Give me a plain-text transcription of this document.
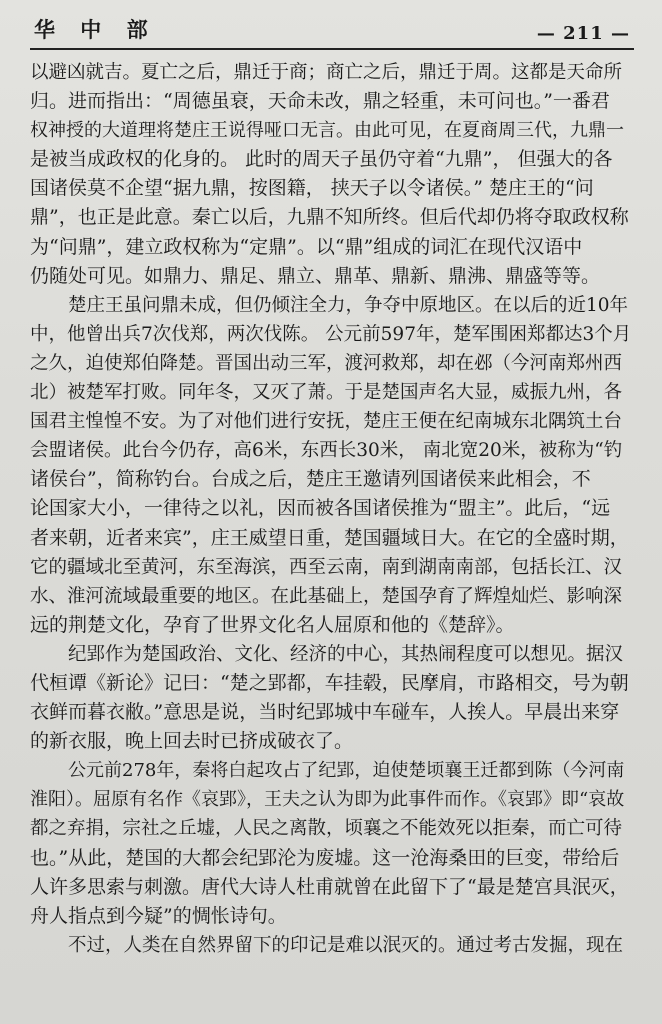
华 中 部	— 211 —
以避凶就吉。夏亡之后，鼎迁于商；商亡之后，鼎迁于周。这都是天命所
归。进而指出：“周德虽衰，天命未改，鼎之轻重，未可问也。”一番君
权神授的大道理将楚庄王说得哑口无言。由此可见，在夏商周三代，九鼎一
是被当成政权的化身的。 此时的周天子虽仍守着“九鼎”， 但强大的各
国诸侯莫不企望“据九鼎，按图籍， 挟天子以令诸侯。” 楚庄王的“问
鼎”，也正是此意。秦亡以后，九鼎不知所终。但后代却仍将夺取政权称
为“问鼎”，建立政权称为“定鼎”。以“鼎”组成的词汇在现代汉语中
仍随处可见。如鼎力、鼎足、鼎立、鼎革、鼎新、鼎沸、鼎盛等等。
楚庄王虽问鼎未成，但仍倾注全力，争夺中原地区。在以后的近10年
中，他曾出兵7次伐郑，两次伐陈。 公元前597年，楚军围困郑都达3个月
之久，迫使郑伯降楚。晋国出动三军，渡河救郑，却在邲（今河南郑州西
北）被楚军打败。同年冬，又灭了萧。于是楚国声名大显，威振九州，各
国君主惶惶不安。为了对他们进行安抚，楚庄王便在纪南城东北隅筑土台
会盟诸侯。此台今仍存，高6米，东西长30米， 南北宽20米，被称为“钓
诸侯台”，简称钓台。台成之后，楚庄王邀请列国诸侯来此相会，不
论国家大小，一律待之以礼，因而被各国诸侯推为“盟主”。此后，“远
者来朝，近者来宾”，庄王威望日重，楚国疆域日大。在它的全盛时期，
它的疆域北至黄河，东至海滨，西至云南，南到湖南南部，包括长江、汉
水、淮河流域最重要的地区。在此基础上，楚国孕育了辉煌灿烂、影响深
远的荆楚文化，孕育了世界文化名人屈原和他的《楚辞》。
纪郢作为楚国政治、文化、经济的中心，其热闹程度可以想见。据汉
代桓谭《新论》记曰：“楚之郢都，车挂毂，民摩肩，市路相交，号为朝
衣鲜而暮衣敝。”意思是说，当时纪郢城中车碰车，人挨人。早晨出来穿
的新衣服，晚上回去时已挤成破衣了。
公元前278年，秦将白起攻占了纪郢，迫使楚顷襄王迁都到陈（今河南
淮阳）。屈原有名作《哀郢》，王夫之认为即为此事件而作。《哀郢》即“哀故
都之弃捐，宗社之丘墟，人民之离散，顷襄之不能效死以拒秦，而亡可待
也。”从此，楚国的大都会纪郢沦为废墟。这一沧海桑田的巨变，带给后
人许多思索与刺激。唐代大诗人杜甫就曾在此留下了“最是楚宫具泯灭，
舟人指点到今疑”的惆怅诗句。
不过，人类在自然界留下的印记是难以泯灭的。通过考古发掘，现在
